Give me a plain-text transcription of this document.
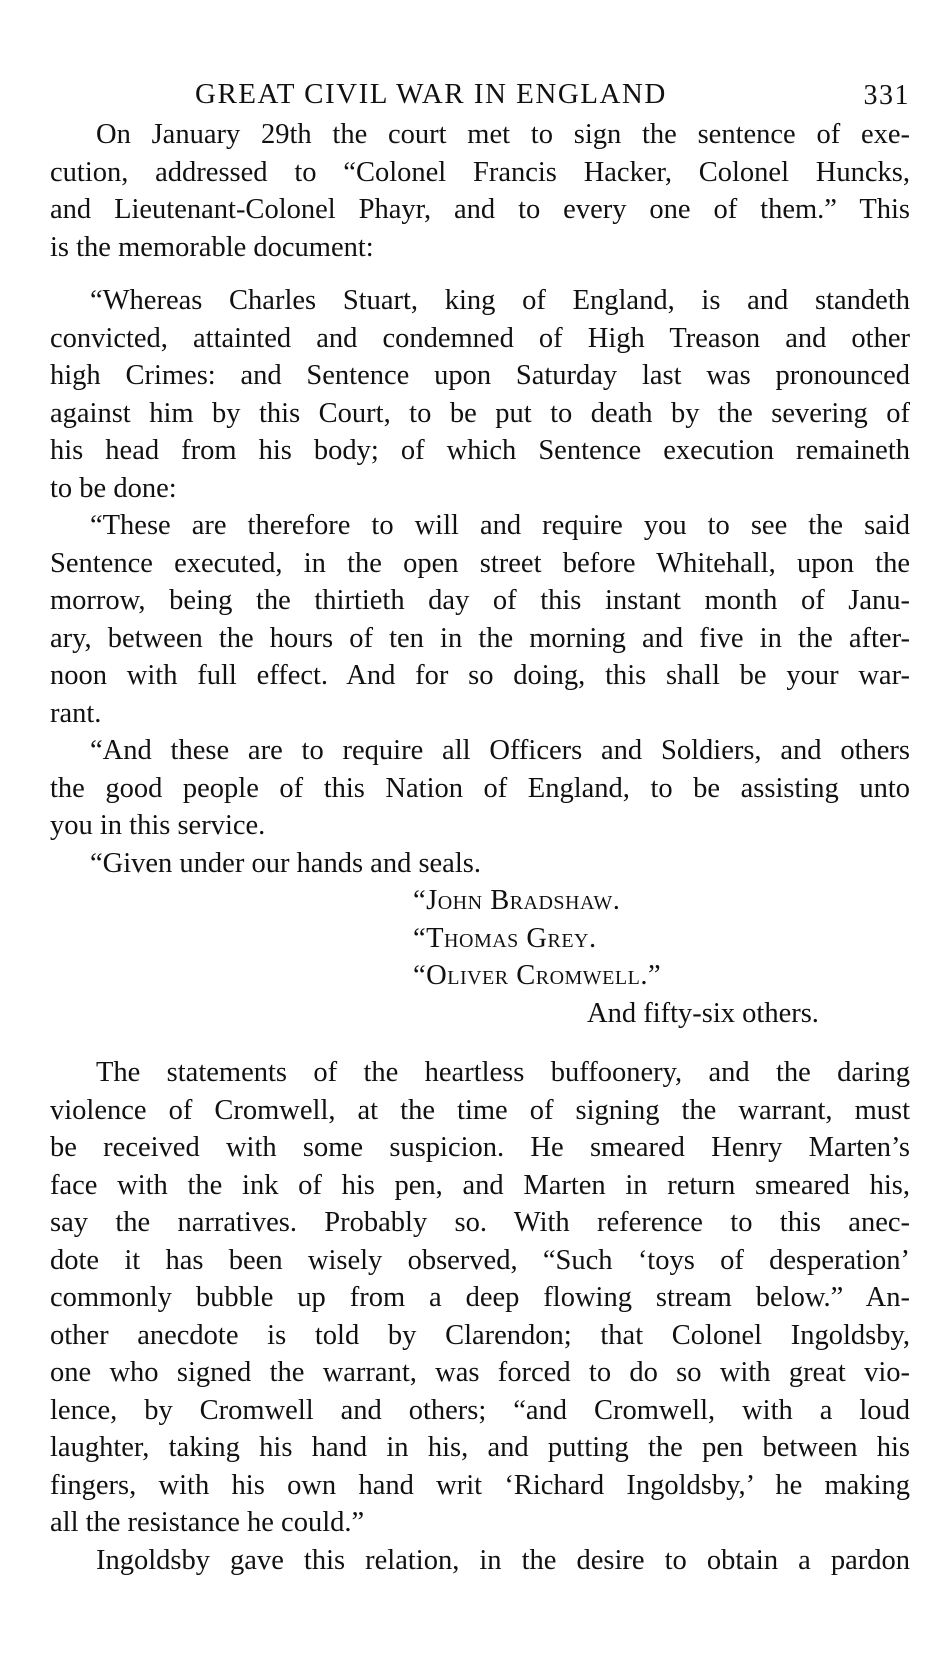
GREAT CIVIL WAR IN ENGLAND	331
On January 29th the court met to sign the sentence of exe-
cution, addressed to “Colonel Francis Hacker, Colonel Huncks,
and Lieutenant-Colonel Phayr, and to every one of them.” This
is the memorable document:
“Whereas Charles Stuart, king of England, is and standeth
convicted, attainted and condemned of High Treason and other
high Crimes: and Sentence upon Saturday last was pronounced
against him by this Court, to be put to death by the severing of
his head from his body; of which Sentence execution remaineth
to be done:
“These are therefore to will and require you to see the said
Sentence executed, in the open street before Whitehall, upon the
morrow, being the thirtieth day of this instant month of Janu-
ary, between the hours of ten in the morning and five in the after-
noon with full effect. And for so doing, this shall be your war-
rant.
“And these are to require all Officers and Soldiers, and others
the good people of this Nation of England, to be assisting unto
you in this service.
“Given under our hands and seals.
“John Bradshaw.
“Thomas Grey.
“Oliver Cromwell.”
And fifty-six others.
The statements of the heartless buffoonery, and the daring
violence of Cromwell, at the time of signing the warrant, must
be received with some suspicion. He smeared Henry Marten’s
face with the ink of his pen, and Marten in return smeared his,
say the narratives. Probably so. With reference to this anec-
dote it has been wisely observed, “Such ‘toys of desperation’
commonly bubble up from a deep flowing stream below.” An-
other anecdote is told by Clarendon; that Colonel Ingoldsby,
one who signed the warrant, was forced to do so with great vio-
lence, by Cromwell and others; “and Cromwell, with a loud
laughter, taking his hand in his, and putting the pen between his
fingers, with his own hand writ ‘Richard Ingoldsby,’ he making
all the resistance he could.”
Ingoldsby gave this relation, in the desire to obtain a pardon
